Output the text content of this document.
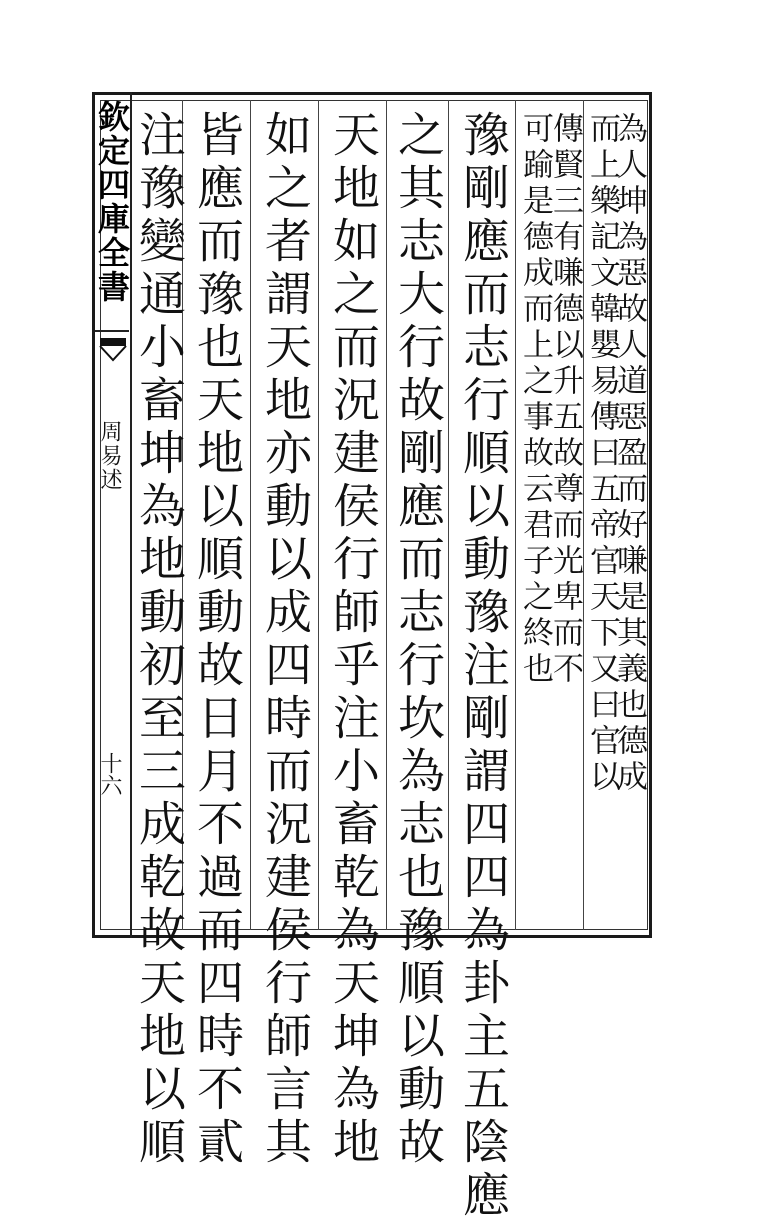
欽定四庫全書
周易述
十六	為人坤為惡故人道惡盈而好嗛是其義也德成
而上樂記文韓嬰易傳曰五帝官天下又曰官以
傳賢三有嗛德以升五故尊而光卑而不
可踰是德成而上之事故云君子之終也
豫剛應而志行順以動豫注剛謂四四為卦主五陰應
之其志大行故剛應而志行坎為志也豫順以動故
天地如之而況建侯行師乎注小畜乾為天坤為地
如之者謂天地亦動以成四時而況建侯行師言其
皆應而豫也天地以順動故日月不過而四時不貳
注豫變通小畜坤為地動初至三成乾故天地以順
